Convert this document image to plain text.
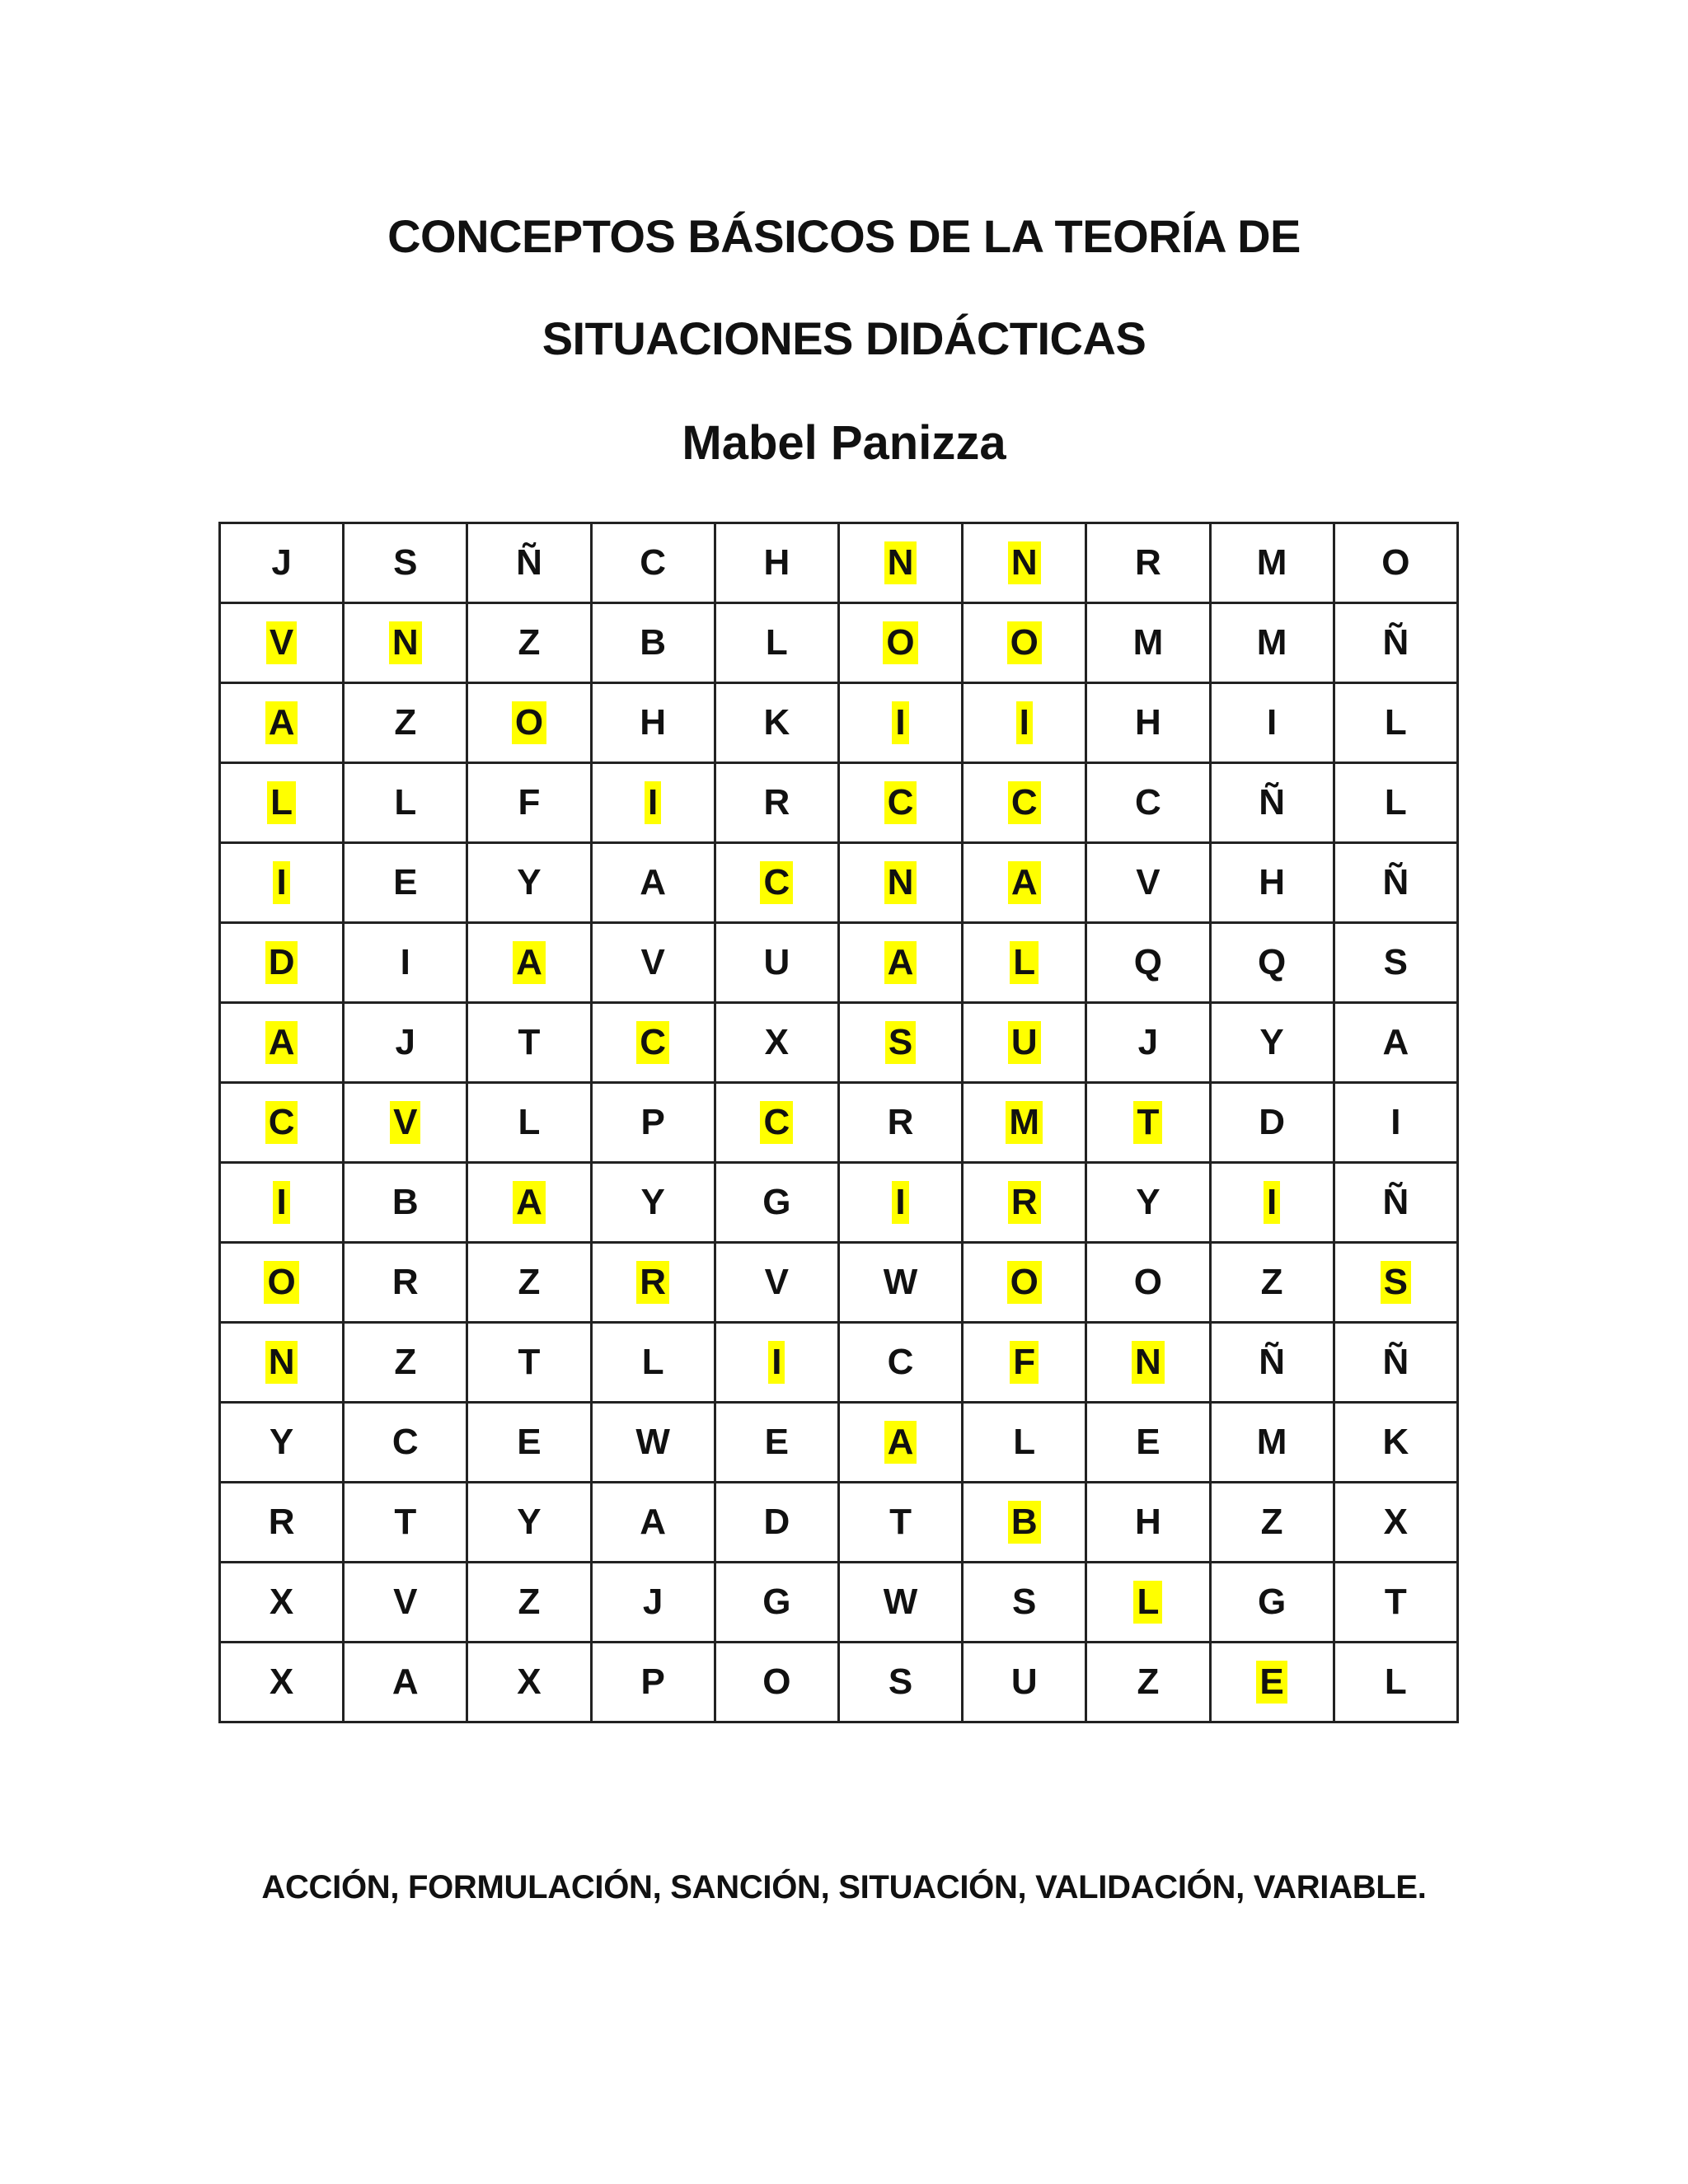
CONCEPTOS BÁSICOS DE LA TEORÍA DE
SITUACIONES DIDÁCTICAS
Mabel Panizza
J	S	Ñ	C	H	N	N	R	M	O
V	N	Z	B	L	O	O	M	M	Ñ
A	Z	O	H	K	I	I	H	I	L
L	L	F	I	R	C	C	C	Ñ	L
I	E	Y	A	C	N	A	V	H	Ñ
D	I	A	V	U	A	L	Q	Q	S
A	J	T	C	X	S	U	J	Y	A
C	V	L	P	C	R	M	T	D	I
I	B	A	Y	G	I	R	Y	I	Ñ
O	R	Z	R	V	W	O	O	Z	S
N	Z	T	L	I	C	F	N	Ñ	Ñ
Y	C	E	W	E	A	L	E	M	K
R	T	Y	A	D	T	B	H	Z	X
X	V	Z	J	G	W	S	L	G	T
X	A	X	P	O	S	U	Z	E	L
ACCIÓN, FORMULACIÓN, SANCIÓN, SITUACIÓN, VALIDACIÓN, VARIABLE.
